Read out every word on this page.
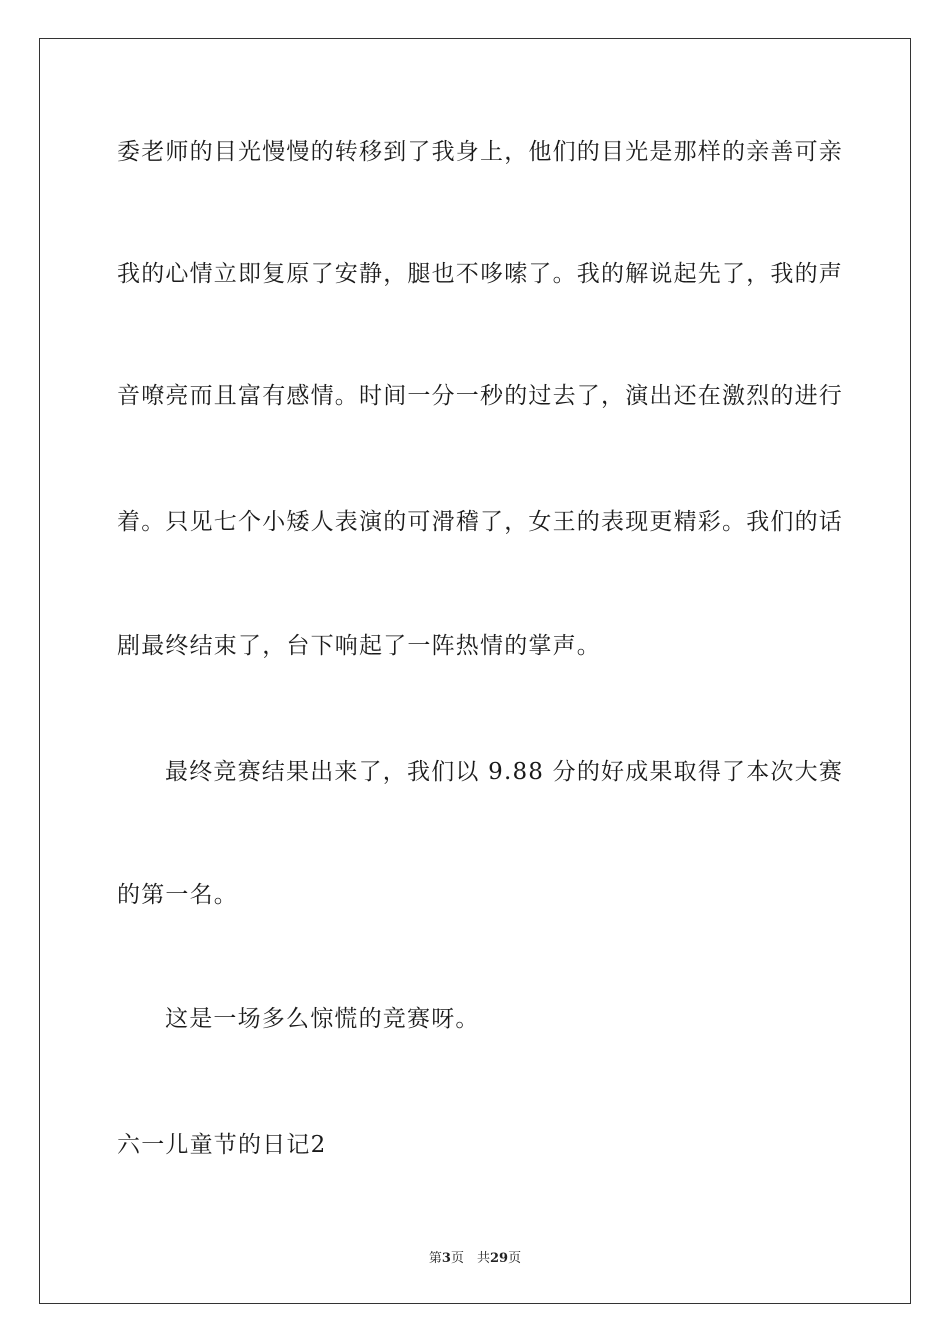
委老师的目光慢慢的转移到了我身上，他们的目光是那样的亲善可亲
我的心情立即复原了安静，腿也不哆嗦了。我的解说起先了，我的声
音嘹亮而且富有感情。时间一分一秒的过去了，演出还在激烈的进行
着。只见七个小矮人表演的可滑稽了，女王的表现更精彩。我们的话
剧最终结束了，台下响起了一阵热情的掌声。
最终竞赛结果出来了，我们以 9.88 分的好成果取得了本次大赛
的第一名。
这是一场多么惊慌的竞赛呀。
六一儿童节的日记2
第3页　共29页
